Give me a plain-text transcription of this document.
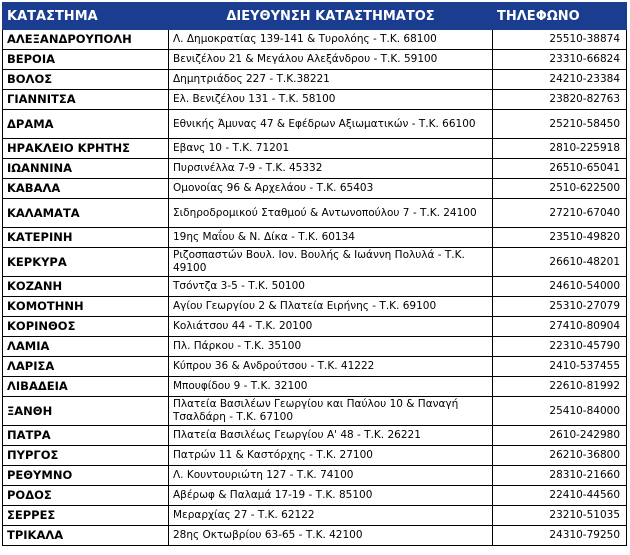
ΚΑΤΑΣΤΗΜΑ	ΔΙΕΥΘΥΝΣΗ ΚΑΤΑΣΤΗΜΑΤΟΣ	ΤΗΛΕΦΩΝΟ
ΑΛΕΞΑΝΔΡΟΥΠΟΛΗ	Λ. Δημοκρατίας 139-141 & Τυρολόης - Τ.Κ. 68100	25510-38874
ΒΕΡΟΙΑ	Βενιζέλου 21 & Μεγάλου Αλεξάνδρου - Τ.Κ. 59100	23310-66824
ΒΟΛΟΣ	Δημητριάδος 227 - Τ.Κ.38221	24210-23384
ΓΙΑΝΝΙΤΣΑ	Ελ. Βενιζέλου 131 - Τ.Κ. 58100	23820-82763
ΔΡΑΜΑ	Εθνικής Άμυνας 47 & Εφέδρων Αξιωματικών - Τ.Κ. 66100	25210-58450
ΗΡΑΚΛΕΙΟ ΚΡΗΤΗΣ	Εβανς 10 - Τ.Κ. 71201	2810-225918
ΙΩΑΝΝΙΝΑ	Πυρσινέλλα 7-9 - Τ.Κ. 45332	26510-65041
ΚΑΒΑΛΑ	Ομονοίας 96 & Αρχελάου - Τ.Κ. 65403	2510-622500
ΚΑΛΑΜΑΤΑ	Σιδηροδρομικού Σταθμού & Αντωνοπούλου 7 - Τ.Κ. 24100	27210-67040
ΚΑΤΕΡΙΝΗ	19ης Μαΐου & Ν. Δίκα - Τ.Κ. 60134	23510-49820
ΚΕΡΚΥΡΑ	Ριζοσπαστών Βουλ. Ιον. Βουλής & Ιωάννη Πολυλά - Τ.Κ. 49100	26610-48201
ΚΟΖΑΝΗ	Τσόντζα 3-5 - Τ.Κ. 50100	24610-54000
ΚΟΜΟΤΗΝΗ	Αγίου Γεωργίου 2 & Πλατεία Ειρήνης - Τ.Κ. 69100	25310-27079
ΚΟΡΙΝΘΟΣ	Κολιάτσου 44 - Τ.Κ. 20100	27410-80904
ΛΑΜΙΑ	Πλ. Πάρκου - Τ.Κ. 35100	22310-45790
ΛΑΡΙΣΑ	Κύπρου 36 & Ανδρούτσου - Τ.Κ. 41222	2410-537455
ΛΙΒΑΔΕΙΑ	Μπουφίδου 9 - Τ.Κ. 32100	22610-81992
ΞΑΝΘΗ	Πλατεία Βασιλέων Γεωργίου και Παύλου 10 & Παναγή Τσαλδάρη - Τ.Κ. 67100	25410-84000
ΠΑΤΡΑ	Πλατεία Βασιλέως Γεωργίου Α' 48 - Τ.Κ. 26221	2610-242980
ΠΥΡΓΟΣ	Πατρών 11 & Καστόρχης - Τ.Κ. 27100	26210-36800
ΡΕΘΥΜΝΟ	Λ. Κουντουριώτη 127 - Τ.Κ. 74100	28310-21660
ΡΟΔΟΣ	Αβέρωφ & Παλαμά 17-19 - Τ.Κ. 85100	22410-44560
ΣΕΡΡΕΣ	Μεραρχίας 27 - Τ.Κ. 62122	23210-51035
ΤΡΙΚΑΛΑ	28ης Οκτωβρίου 63-65 - Τ.Κ. 42100	24310-79250
